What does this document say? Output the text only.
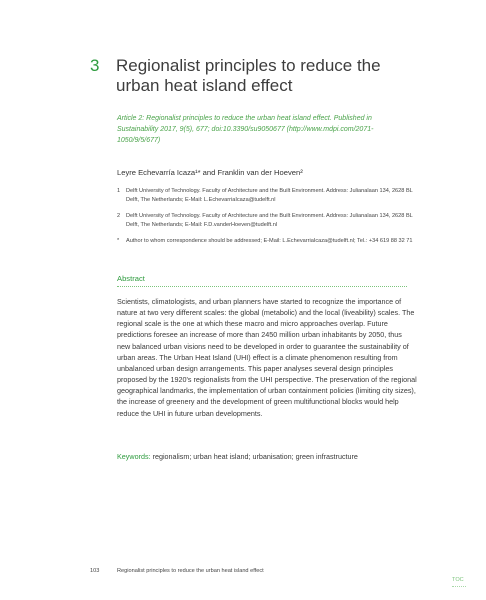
3 Regionalist principles to reduce the urban heat island effect
Article 2: Regionalist principles to reduce the urban heat island effect. Published in Sustainability 2017, 9(5), 677; doi:10.3390/su9050677 (http://www.mdpi.com/2071-1050/9/5/677)
Leyre Echevarría Icaza¹* and Franklin van der Hoeven²
1	Delft University of Technology. Faculty of Architecture and the Built Environment. Address: Julianalaan 134, 2628 BL Delft, The Netherlands; E-Mail: L.EchevarriaIcaza@tudelft.nl
2	Delft University of Technology. Faculty of Architecture and the Built Environment. Address: Julianalaan 134, 2628 BL Delft, The Netherlands; E-Mail: F.D.vanderHoeven@tudelft.nl
*	Author to whom correspondence should be addressed; E-Mail: L.EchevarriaIcaza@tudelft.nl; Tel.: +34 619 88 32 71
Abstract
Scientists, climatologists, and urban planners have started to recognize the importance of nature at two very different scales: the global (metabolic) and the local (liveability) scales. The regional scale is the one at which these macro and micro approaches overlap. Future predictions foresee an increase of more than 2450 million urban inhabitants by 2050, thus new balanced urban visions need to be developed in order to guarantee the sustainability of urban areas. The Urban Heat Island (UHI) effect is a climate phenomenon resulting from unbalanced urban design arrangements. This paper analyses several design principles proposed by the 1920's regionalists from the UHI perspective. The preservation of the regional geographical landmarks, the implementation of urban containment policies (limiting city sizes), the increase of greenery and the development of green multifunctional blocks would help reduce the UHI in future urban developments.
Keywords: regionalism; urban heat island; urbanisation; green infrastructure
103	Regionalist principles to reduce the urban heat island effect
TOC
